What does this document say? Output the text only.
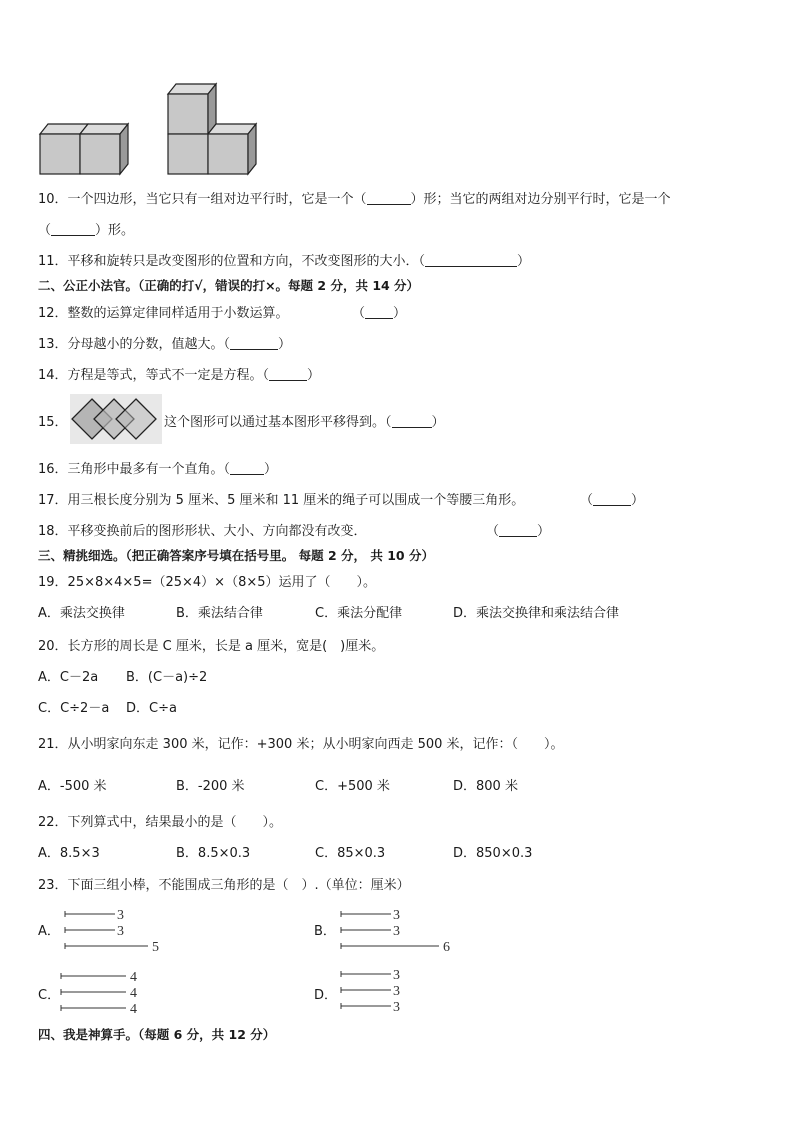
10．一个四边形，当它只有一组对边平行时，它是一个（	）形；当它的两组对边分别平行时，它是一个
（	）形。
11．平移和旋转只是改变图形的位置和方向，不改变图形的大小．（	）
二、公正小法官。（正确的打√，错误的打×。每题 2 分，共 14 分）
12．整数的运算定律同样适用于小数运算。	（ ）
13．分母越小的分数，值越大。（	）
14．方程是等式，等式不一定是方程。（	）
15．	这个图形可以通过基本图形平移得到。（	）
16．三角形中最多有一个直角。（	）
17．用三根长度分别为 5 厘米、5 厘米和 11 厘米的绳子可以围成一个等腰三角形。	（	）
18．平移变换前后的图形形状、大小、方向都没有改变．	（	）
三、精挑细选。（把正确答案序号填在括号里。 每题 2 分， 共 10 分）
19．25×8×4×5=（25×4）×（8×5）运用了（　　）。
A．乘法交换律	B．乘法结合律	C．乘法分配律	D．乘法交换律和乘法结合律
20．长方形的周长是 C 厘米，长是 a 厘米，宽是(　)厘米。
A．C－2a B．(C－a)÷2
C．C÷2－a D．C÷a
21．从小明家向东走 300 米，记作：+300 米；从小明家向西走 500 米，记作：（　　）。
A．-500 米	B．-200 米	C．+500 米	D．800 米
22．下列算式中，结果最小的是（　　）。
A．8.5×3	B．8.5×0.3	C．85×0.3	D．850×0.3
23．下面三组小棒，不能围成三角形的是（　）.（单位：厘米）
A．
3
3
5
B．
3
3
6
C．
4
4
4
D．
3
3
3
四、我是神算手。（每题 6 分，共 12 分）
